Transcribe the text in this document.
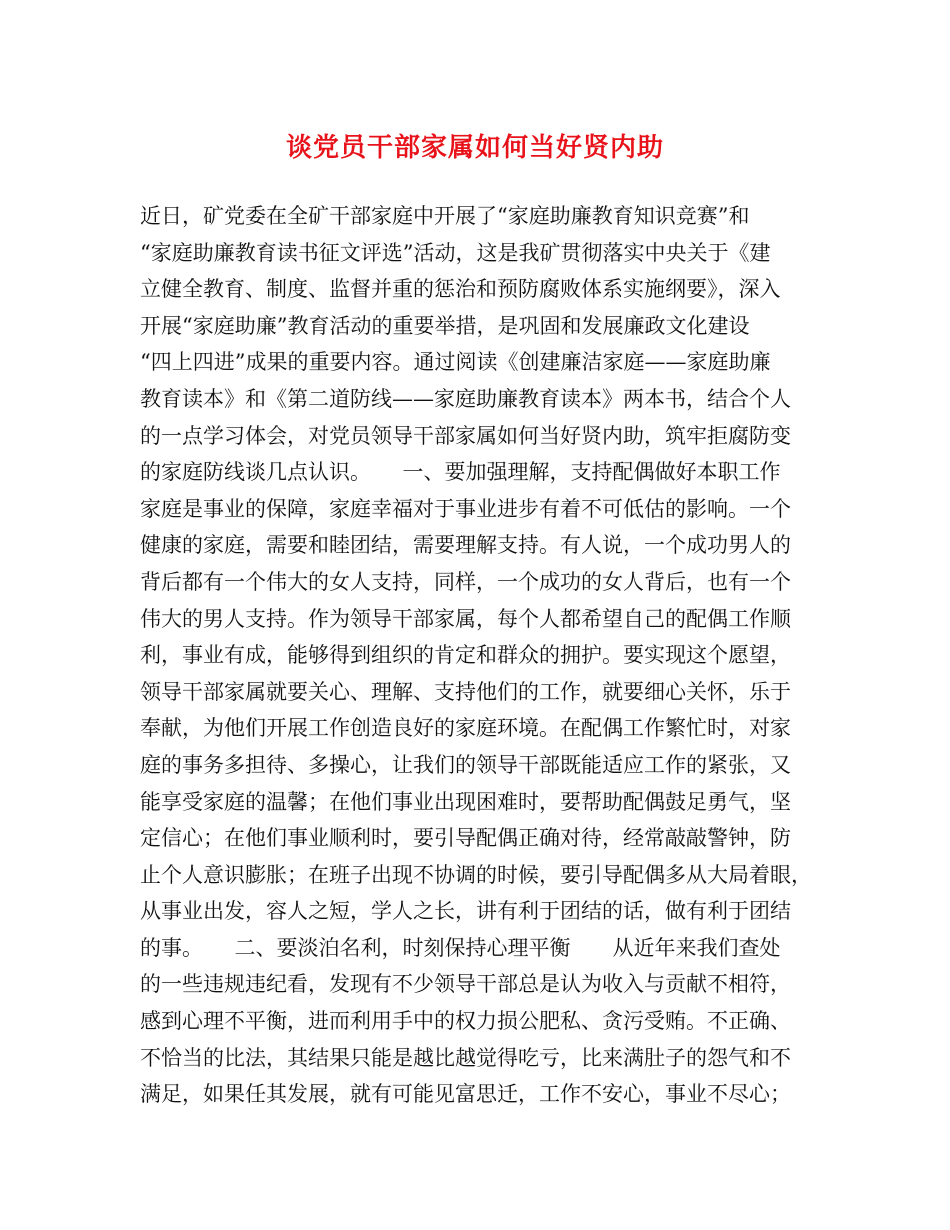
谈党员干部家属如何当好贤内助
近日，矿党委在全矿干部家庭中开展了“家庭助廉教育知识竞赛”和
“家庭助廉教育读书征文评选”活动，这是我矿贯彻落实中央关于《建
立健全教育、制度、监督并重的惩治和预防腐败体系实施纲要》，深入
开展“家庭助廉”教育活动的重要举措，是巩固和发展廉政文化建设
“四上四进”成果的重要内容。通过阅读《创建廉洁家庭——家庭助廉
教育读本》和《第二道防线——家庭助廉教育读本》两本书，结合个人
的一点学习体会，对党员领导干部家属如何当好贤内助，筑牢拒腐防变
的家庭防线谈几点认识。　　一、要加强理解，支持配偶做好本职工作
家庭是事业的保障，家庭幸福对于事业进步有着不可低估的影响。一个
健康的家庭，需要和睦团结，需要理解支持。有人说，一个成功男人的
背后都有一个伟大的女人支持，同样，一个成功的女人背后，也有一个
伟大的男人支持。作为领导干部家属，每个人都希望自己的配偶工作顺
利，事业有成，能够得到组织的肯定和群众的拥护。要实现这个愿望，
领导干部家属就要关心、理解、支持他们的工作，就要细心关怀，乐于
奉献，为他们开展工作创造良好的家庭环境。在配偶工作繁忙时，对家
庭的事务多担待、多操心，让我们的领导干部既能适应工作的紧张，又
能享受家庭的温馨；在他们事业出现困难时，要帮助配偶鼓足勇气，坚
定信心；在他们事业顺利时，要引导配偶正确对待，经常敲敲警钟，防
止个人意识膨胀；在班子出现不协调的时候，要引导配偶多从大局着眼，
从事业出发，容人之短，学人之长，讲有利于团结的话，做有利于团结
的事。　　二、要淡泊名利，时刻保持心理平衡　　从近年来我们查处
的一些违规违纪看，发现有不少领导干部总是认为收入与贡献不相符，
感到心理不平衡，进而利用手中的权力损公肥私、贪污受贿。不正确、
不恰当的比法，其结果只能是越比越觉得吃亏，比来满肚子的怨气和不
满足，如果任其发展，就有可能见富思迁，工作不安心，事业不尽心；
